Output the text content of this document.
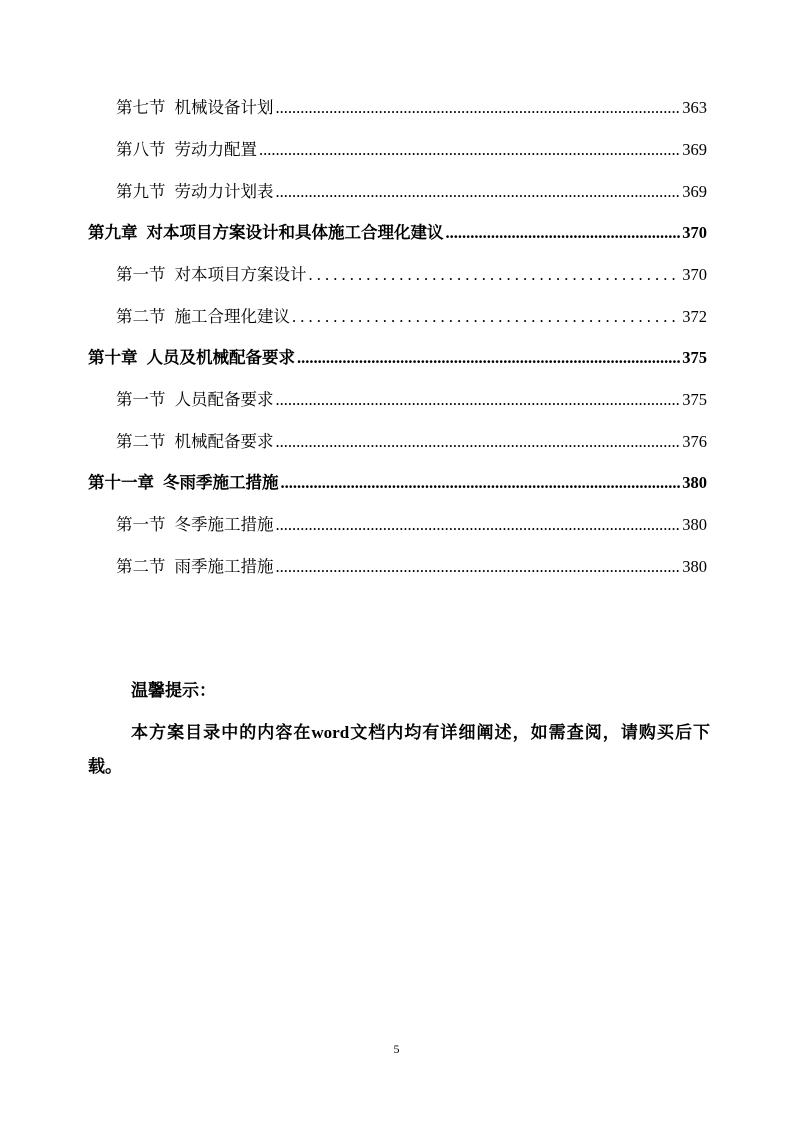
第七节 机械设备计划 .....	363
第八节 劳动力配置 .....	369
第九节 劳动力计划表 .....	369
第九章 对本项目方案设计和具体施工合理化建议 .....	370
第一节 对本项目方案设计 . . .	370
第二节 施工合理化建议 . . .	372
第十章 人员及机械配备要求 .....	375
第一节 人员配备要求 .....	375
第二节 机械配备要求 .....	376
第十一章 冬雨季施工措施 .....	380
第一节 冬季施工措施 .....	380
第二节 雨季施工措施 .....	380
温馨提示：
本方案目录中的内容在word文档内均有详细阐述，如需查阅，请购买后下载。
5
